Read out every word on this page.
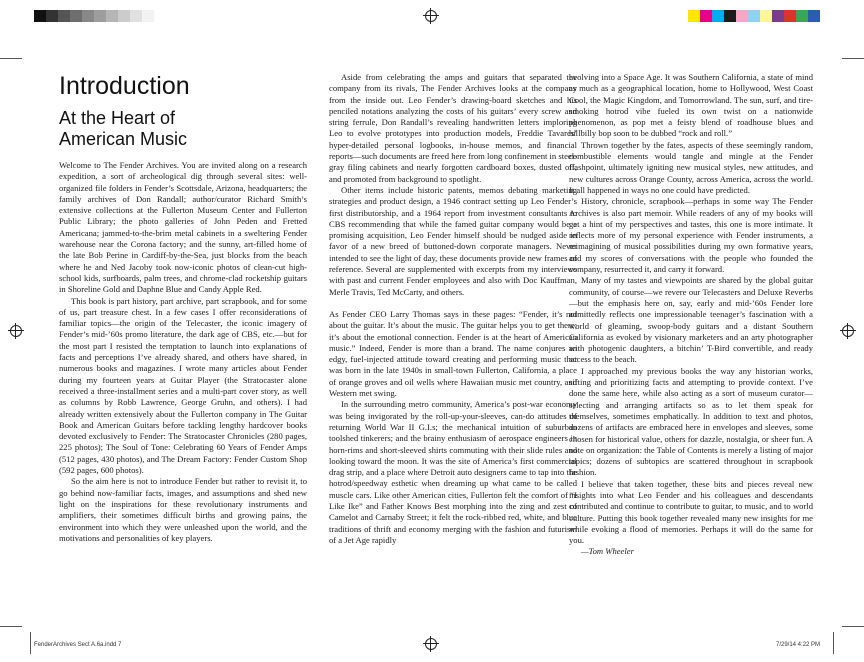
Introduction
At the Heart of
American Music

Welcome to The Fender Archives. You are invited along on a research expedition, a sort of archeological dig through several sites: well-organized file folders in Fender’s Scottsdale, Arizona, headquarters; the family archives of Don Randall; author/curator Richard Smith’s extensive collections at the Fullerton Museum Center and Fullerton Public Library; the photo galleries of John Peden and Fretted Americana; jammed-to-the-brim metal cabinets in a sweltering Fender warehouse near the Corona factory; and the sunny, art-filled home of the late Bob Perine in Cardiff-by-the-Sea, just blocks from the beach where he and Ned Jacoby took now-iconic photos of clean-cut high-school kids, surfboards, palm trees, and chrome-clad rocketship guitars in Shoreline Gold and Daphne Blue and Candy Apple Red.

This book is part history, part archive, part scrapbook, and for some of us, part treasure chest. In a few cases I offer reconsiderations of familiar topics—the origin of the Telecaster, the iconic imagery of Fender’s mid-’60s promo literature, the dark age of CBS, etc.—but for the most part I resisted the temptation to launch into explanations of facts and perceptions I’ve already shared, and others have shared, in numerous books and magazines. I wrote many articles about Fender during my fourteen years at Guitar Player (the Stratocaster alone received a three-installment series and a multi-part cover story, as well as columns by Robb Lawrence, George Gruhn, and others). I had already written extensively about the Fullerton company in The Guitar Book and American Guitars before tackling lengthy hardcover books devoted exclusively to Fender: The Stratocaster Chronicles (280 pages, 225 photos); The Soul of Tone: Celebrating 60 Years of Fender Amps (512 pages, 430 photos), and The Dream Factory: Fender Custom Shop (592 pages, 600 photos).

So the aim here is not to introduce Fender but rather to revisit it, to go behind now-familiar facts, images, and assumptions and shed new light on the inspirations for these revolutionary instruments and amplifiers, their sometimes difficult births and growing pains, the environment into which they were unleashed upon the world, and the motivations and personalities of key players.

Aside from celebrating the amps and guitars that separated the company from its rivals, The Fender Archives looks at the company from the inside out. Leo Fender’s drawing-board sketches and his penciled notations analyzing the costs of his guitars’ every screw and string ferrule, Don Randall’s revealing handwritten letters imploring Leo to evolve prototypes into production models, Freddie Tavares’ hyper-detailed personal logbooks, in-house memos, and financial reports—such documents are freed here from long confinement in steel-gray filing cabinets and nearly forgotten cardboard boxes, dusted off, and promoted from background to spotlight.

Other items include historic patents, memos debating marketing strategies and product design, a 1946 contract setting up Leo Fender’s first distributorship, and a 1964 report from investment consultants to CBS recommending that while the famed guitar company would be a promising acquisition, Leo Fender himself should be nudged aside in favor of a new breed of buttoned-down corporate managers. Never intended to see the light of day, these documents provide new frames of reference. Several are supplemented with excerpts from my interviews with past and current Fender employees and also with Doc Kauffman, Merle Travis, Ted McCarty, and others.

As Fender CEO Larry Thomas says in these pages: “Fender, it’s not about the guitar. It’s about the music. The guitar helps you to get there; it’s about the emotional connection. Fender is at the heart of American music.” Indeed, Fender is more than a brand. The name conjures an edgy, fuel-injected attitude toward creating and performing music that was born in the late 1940s in small-town Fullerton, California, a place of orange groves and oil wells where Hawaiian music met country, and Western met swing.

In the surrounding metro community, America’s post-war economy was being invigorated by the roll-up-your-sleeves, can-do attitudes of returning World War II G.I.s; the mechanical intuition of suburban toolshed tinkerers; and the brainy enthusiasm of aerospace engineers in horn-rims and short-sleeved shirts commuting with their slide rules and looking toward the moon. It was the site of America’s first commercial drag strip, and a place where Detroit auto designers came to tap into the hotrod/speedway esthetic when dreaming up what came to be called muscle cars. Like other American cities, Fullerton felt the comfort of “I Like Ike” and Father Knows Best morphing into the zing and zest of Camelot and Carnaby Street; it felt the rock-ribbed red, white, and blue traditions of thrift and economy merging with the fashion and futurism of a Jet Age rapidly

evolving into a Space Age. It was Southern California, a state of mind as much as a geographical location, home to Hollywood, West Coast Cool, the Magic Kingdom, and Tomorrowland. The sun, surf, and tire-smoking hotrod vibe fueled its own twist on a nationwide phenomenon, as pop met a feisty blend of roadhouse blues and hillbilly bop soon to be dubbed “rock and roll.”

Thrown together by the fates, aspects of these seemingly random, combustible elements would tangle and mingle at the Fender flashpoint, ultimately igniting new musical styles, new attitudes, and new cultures across Orange County, across America, across the world. It all happened in ways no one could have predicted.

History, chronicle, scrapbook—perhaps in some way The Fender Archives is also part memoir. While readers of any of my books will get a hint of my perspectives and tastes, this one is more intimate. It reflects more of my personal experience with Fender instruments, a reimagining of musical possibilities during my own formative years, and my scores of conversations with the people who founded the company, resurrected it, and carry it forward.

Many of my tastes and viewpoints are shared by the global guitar community, of course—we revere our Telecasters and Deluxe Reverbs—but the emphasis here on, say, early and mid-’60s Fender lore admittedly reflects one impressionable teenager’s fascination with a world of gleaming, swoop-body guitars and a distant Southern California as evoked by visionary marketers and an arty photographer with photogenic daughters, a bitchin’ T-Bird convertible, and ready access to the beach.

I approached my previous books the way any historian works, sifting and prioritizing facts and attempting to provide context. I’ve done the same here, while also acting as a sort of museum curator—selecting and arranging artifacts so as to let them speak for themselves, sometimes emphatically. In addition to text and photos, dozens of artifacts are embraced here in envelopes and sleeves, some chosen for historical value, others for dazzle, nostalgia, or sheer fun. A note on organization: the Table of Contents is merely a listing of major topics; dozens of subtopics are scattered throughout in scrapbook fashion.

I believe that taken together, these bits and pieces reveal new insights into what Leo Fender and his colleagues and descendants contributed and continue to contribute to guitar, to music, and to world culture. Putting this book together revealed many new insights for me while evoking a flood of memories. Perhaps it will do the same for you.

—Tom Wheeler

FenderArchives Sect A.6a.indd 7	7/29/14 4:22 PM
